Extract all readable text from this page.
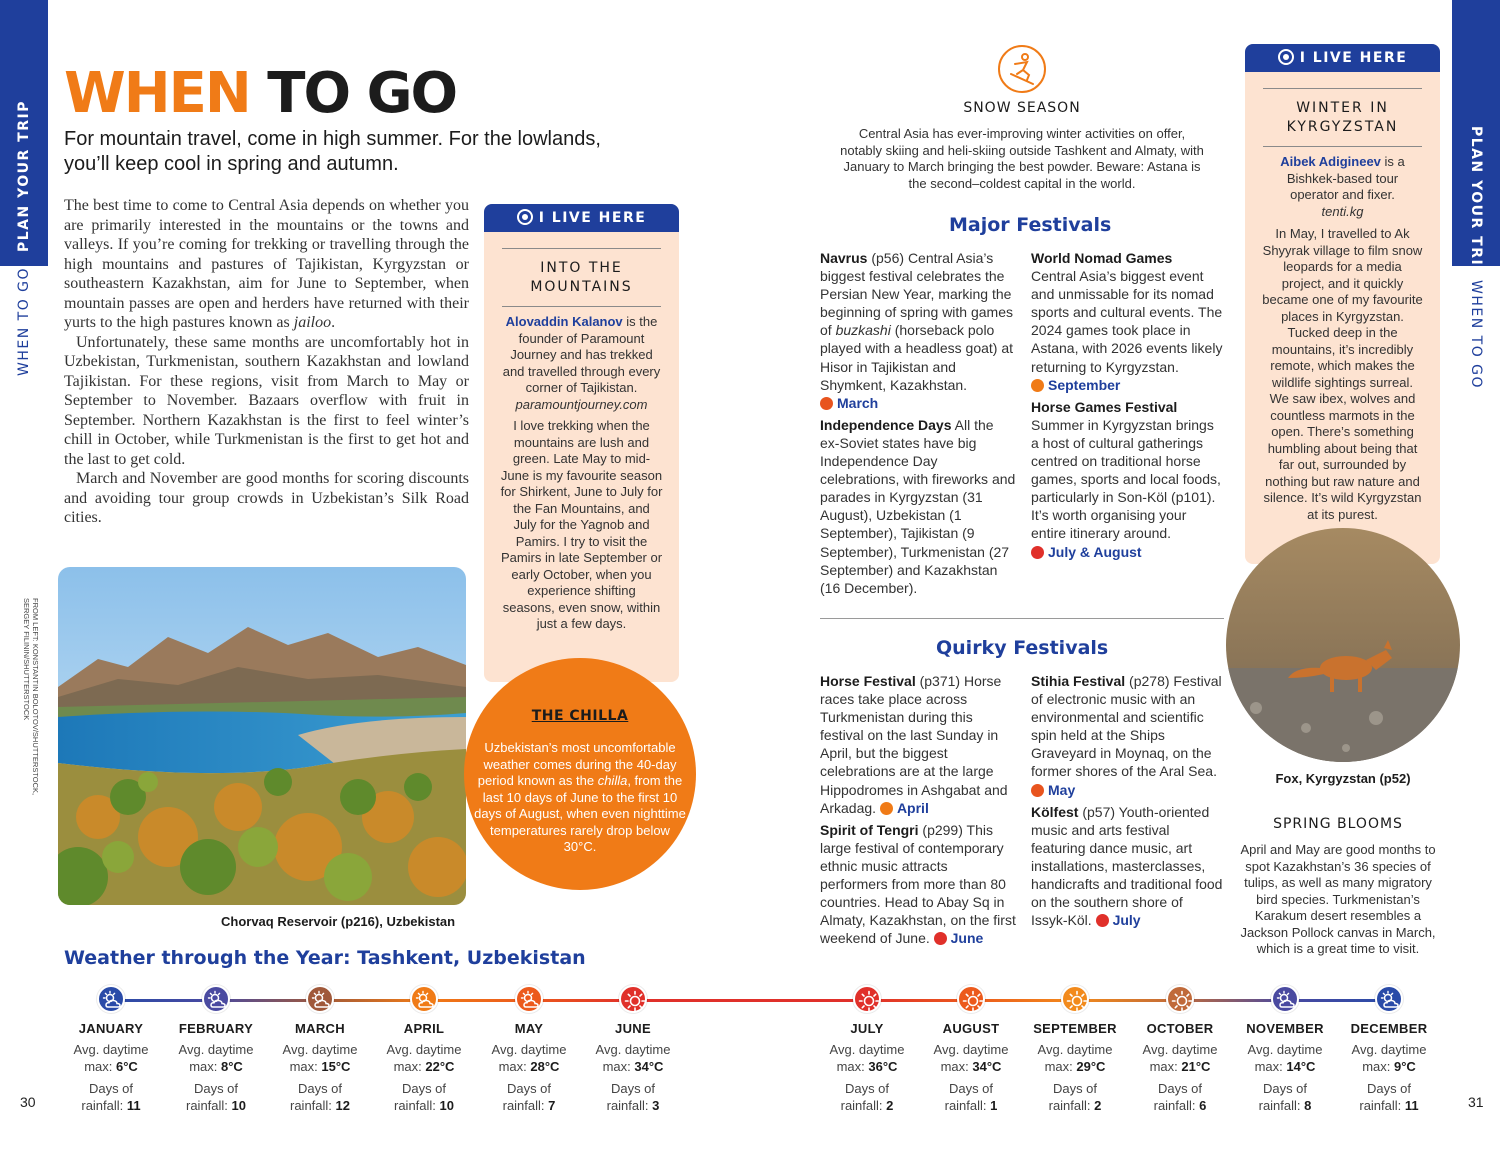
PLAN YOUR TRIP
WHEN TO GO
30
PLAN YOUR TRIP
WHEN TO GO
31
WHEN TO GO
For mountain travel, come in high summer. For the lowlands, you’ll keep cool in spring and autumn.

The best time to come to Central Asia depends on whether you are primarily interested in the mountains or the towns and valleys. If you’re coming for trekking or travelling through the high mountains and pastures of Tajikistan, Kyrgyzstan or southeastern Kazakhstan, aim for June to September, when mountain passes are open and herders have returned with their yurts to the high pastures known as jailoo.

Unfortunately, these same months are uncomfortably hot in Uzbekistan, Turkmenistan, southern Kazakhstan and lowland Tajikistan. For these regions, visit from March to May or September to November. Bazaars overflow with fruit in September. Northern Kazakhstan is the first to feel winter’s chill in October, while Turkmenistan is the first to get hot and the last to get cold.

March and November are good months for scoring discounts and avoiding tour group crowds in Uzbekistan’s Silk Road cities.

I LIVE HERE
INTO THE
MOUNTAINS
Alovaddin Kalanov is the founder of Paramount Journey and has trekked and travelled through every corner of Tajikistan.
paramountjourney.com
I love trekking when the mountains are lush and green. Late May to mid-June is my favourite season for Shirkent, June to July for the Fan Mountains, and July for the Yagnob and Pamirs. I try to visit the Pamirs in late September or early October, when you experience shifting seasons, even snow, within just a few days.
Chorvaq Reservoir (p216), Uzbekistan
FROM LEFT: KONSTANTIN BOLOTOV/SHUTTERSTOCK,
SERGEY FILININ/SHUTTERSTOCK	THE CHILLA
Uzbekistan’s most uncomfortable weather comes during the 40-day period known as the chilla, from the last 10 days of June to the first 10 days of August, when even nighttime temperatures rarely drop below 30°C.
SNOW SEASON
Central Asia has ever-improving winter activities on offer, notably skiing and heli-skiing outside Tashkent and Almaty, with January to March bringing the best powder. Beware: Astana is the second–coldest capital in the world.
Major Festivals
Navrus (p56) Central Asia’s biggest festival celebrates the Persian New Year, marking the beginning of spring with games of buzkashi (horseback polo played with a headless goat) at Hisor in Tajikistan and Shymkent, Kazakhstan.
March
Independence Days All the ex-Soviet states have big Independence Day celebrations, with fireworks and parades in Kyrgyzstan (31 August), Uzbekistan (1 September), Tajikistan (9 September), Turkmenistan (27 September) and Kazakhstan (16 December).
World Nomad Games
Central Asia’s biggest event and unmissable for its nomad sports and cultural events. The 2024 games took place in Astana, with 2026 events likely returning to Kyrgyzstan.
September
Horse Games Festival
Summer in Kyrgyzstan brings a host of cultural gatherings centred on traditional horse games, sports and local foods, particularly in Son-Köl (p101). It’s worth organising your entire itinerary around.
July & August
Quirky Festivals
Horse Festival (p371) Horse races take place across Turkmenistan during this festival on the last Sunday in April, but the biggest celebrations are at the large Hippodromes in Ashgabat and Arkadag. April
Spirit of Tengri (p299) This large festival of contemporary ethnic music attracts performers from more than 80 countries. Head to Abay Sq in Almaty, Kazakhstan, on the first weekend of June. June
Stihia Festival (p278) Festival of electronic music with an environmental and scientific spin held at the Ships Graveyard in Moynaq, on the former shores of the Aral Sea. May
Kölfest (p57) Youth-oriented music and arts festival featuring dance music, art installations, masterclasses, handicrafts and traditional food on the southern shore of Issyk-Köl. July
I LIVE HERE
WINTER IN
KYRGYZSTAN
Aibek Adigineev is a Bishkek-based tour operator and fixer.
tenti.kg
In May, I travelled to Ak Shyyrak village to film snow leopards for a media project, and it quickly became one of my favourite places in Kyrgyzstan. Tucked deep in the mountains, it’s incredibly remote, which makes the wildlife sightings surreal. We saw ibex, wolves and countless marmots in the open. There’s something humbling about being that far out, surrounded by nothing but raw nature and silence. It’s wild Kyrgyzstan at its purest.
Fox, Kyrgyzstan (p52)
SPRING BLOOMS
April and May are good months to spot Kazakhstan’s 36 species of tulips, as well as many migratory bird species. Turkmenistan’s Karakum desert resembles a Jackson Pollock canvas in March, which is a great time to visit.
Weather through the Year: Tashkent, Uzbekistan
JANUARY
Avg. daytime
max: 6°C
Days of
rainfall: 11
FEBRUARY
Avg. daytime
max: 8°C
Days of
rainfall: 10
MARCH
Avg. daytime
max: 15°C
Days of
rainfall: 12
APRIL
Avg. daytime
max: 22°C
Days of
rainfall: 10
MAY
Avg. daytime
max: 28°C
Days of
rainfall: 7
JUNE
Avg. daytime
max: 34°C
Days of
rainfall: 3
JULY
Avg. daytime
max: 36°C
Days of
rainfall: 2
AUGUST
Avg. daytime
max: 34°C
Days of
rainfall: 1
SEPTEMBER
Avg. daytime
max: 29°C
Days of
rainfall: 2
OCTOBER
Avg. daytime
max: 21°C
Days of
rainfall: 6
NOVEMBER
Avg. daytime
max: 14°C
Days of
rainfall: 8
DECEMBER
Avg. daytime
max: 9°C
Days of
rainfall: 11
